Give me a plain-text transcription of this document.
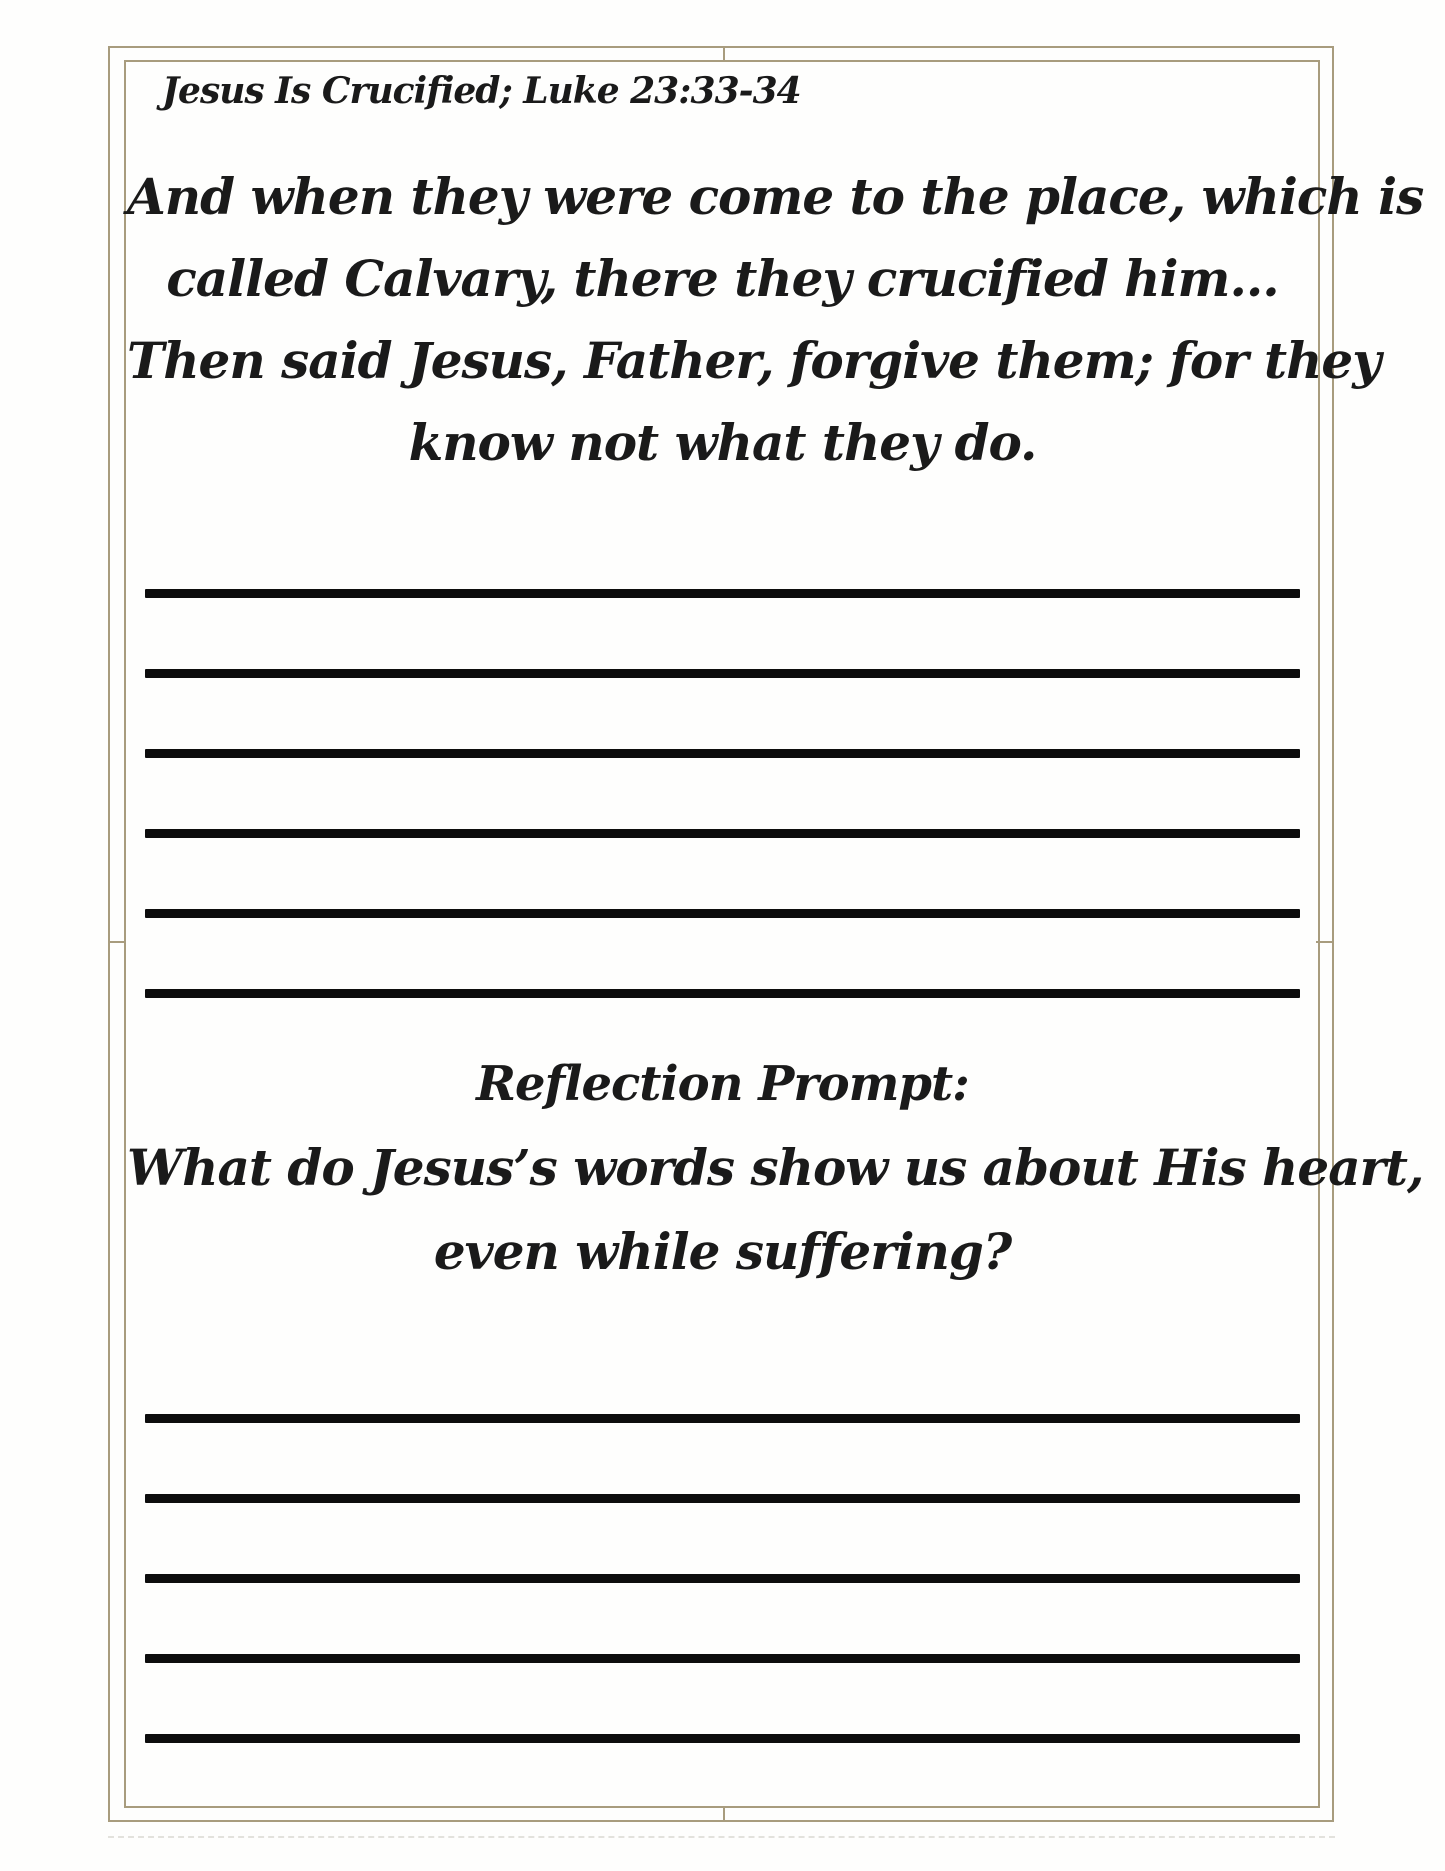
Jesus Is Crucified; Luke 23:33-34
And when they were come to the place, which is
called Calvary, there they crucified him...
Then said Jesus, Father, forgive them; for they
know not what they do.
Reflection Prompt:
What do Jesus’s words show us about His heart,
even while suffering?
